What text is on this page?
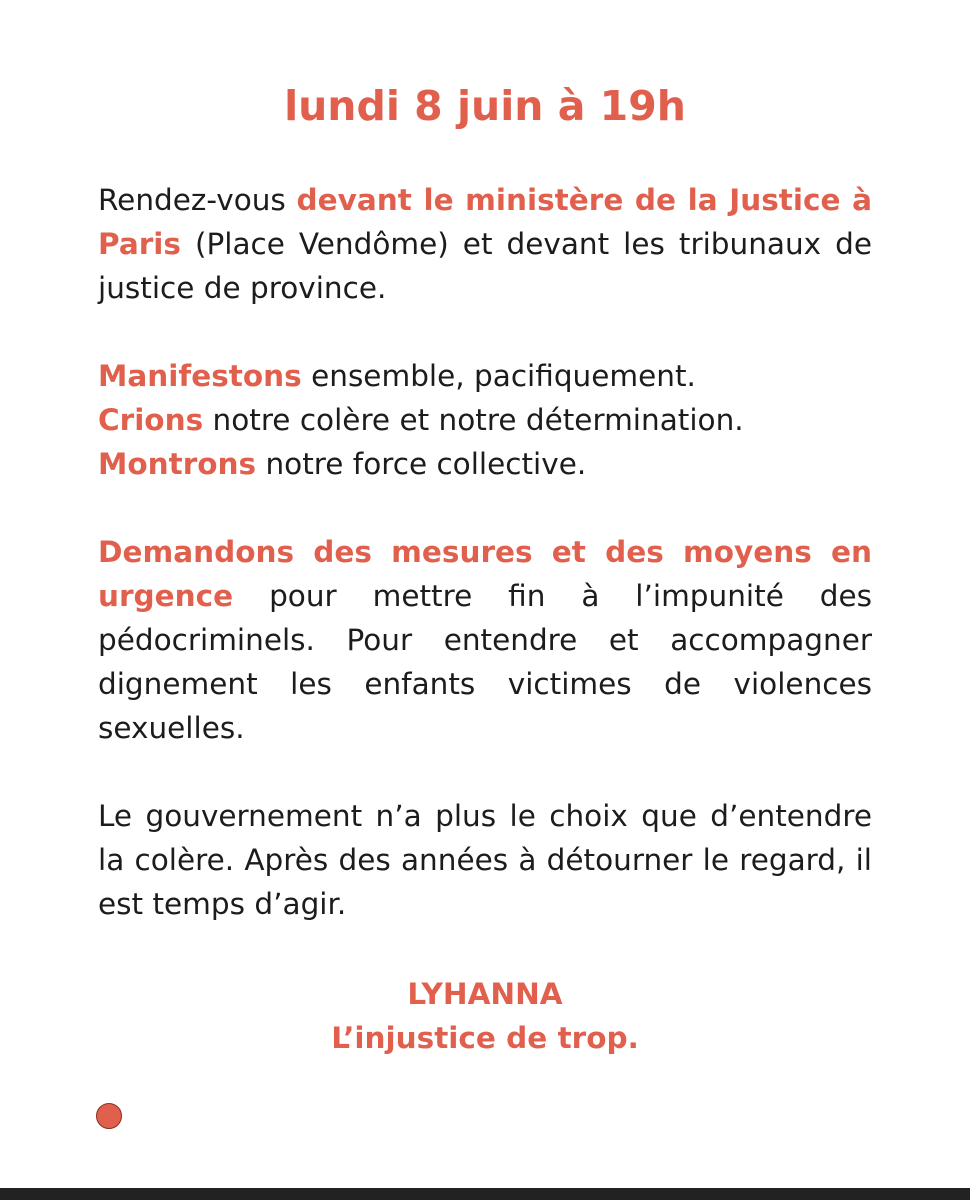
lundi 8 juin à 19h

Rendez-vous devant le ministère de la Justice à Paris (Place Vendôme) et devant les tribunaux de justice de province.

Manifestons ensemble, pacifiquement.
Crions notre colère et notre détermination.
Montrons notre force collective.

Demandons des mesures et des moyens en urgence pour mettre fin à l’impunité des pédocriminels. Pour entendre et accompagner dignement les enfants victimes de violences sexuelles.

Le gouvernement n’a plus le choix que d’entendre la colère. Après des années à détourner le regard, il est temps d’agir.

LYHANNA
L’injustice de trop.
